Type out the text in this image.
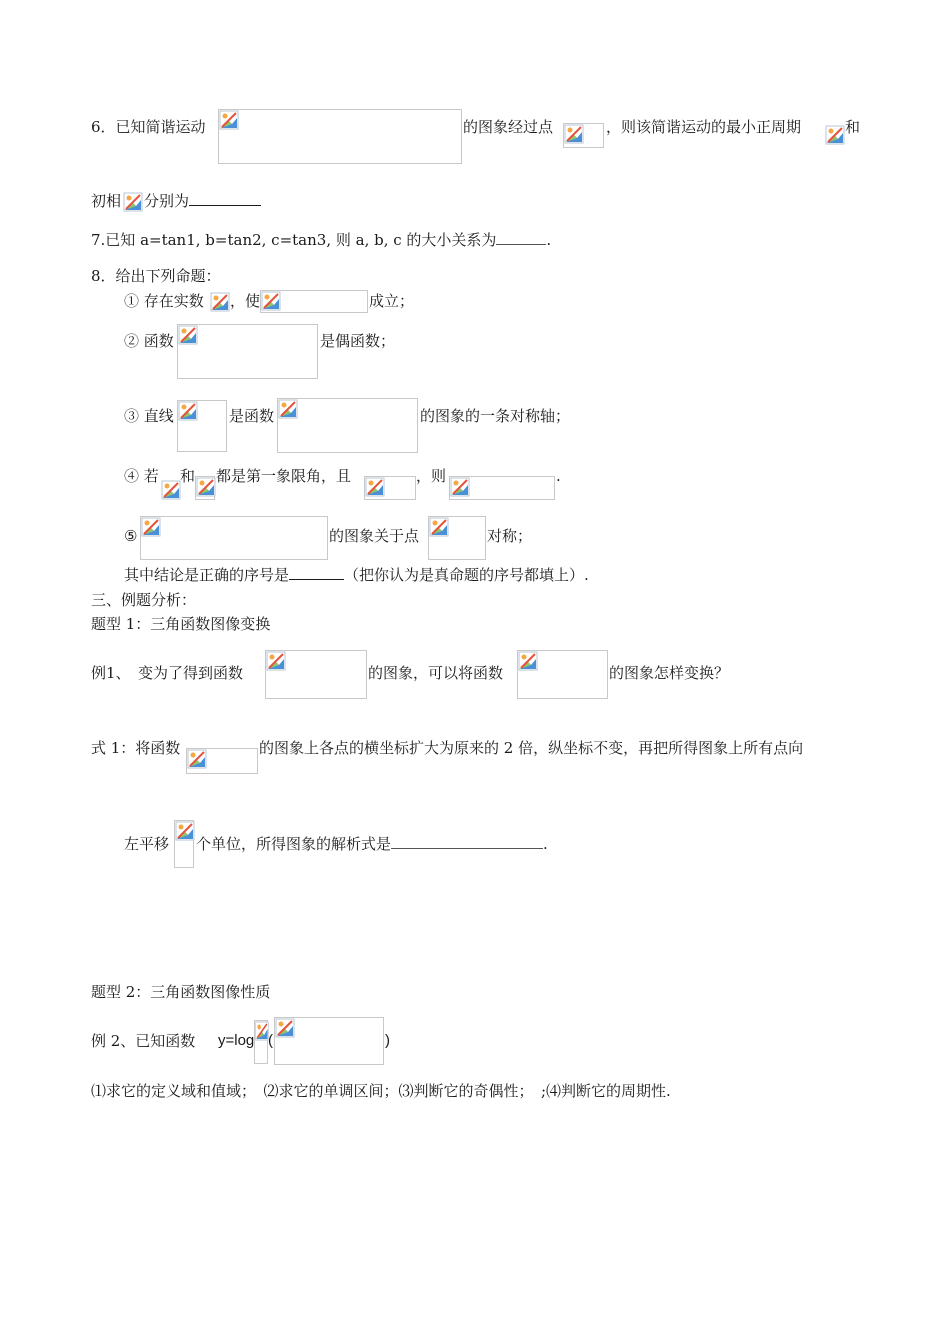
6．已知简谐运动	的图象经过点	，则该简谐运动的最小正周期	和
初相 分别为
7.已知 a=tan1, b=tan2, c=tan3, 则 a, b, c 的大小关系为	.
8．给出下列命题：
① 存在实数 ，使	成立；
② 函数	是偶函数；
③ 直线	是函数	的图象的一条对称轴；
④ 若 和 都是第一象限角，且	，则	.
⑤	的图象关于点	对称；
其中结论是正确的序号是	（把你认为是真命题的序号都填上）.
三、例题分析：
题型 1：三角函数图像变换
例1、　变为了得到函数	的图象，可以将函数	的图象怎样变换？
式 1：将函数	的图象上各点的横坐标扩大为原来的 2 倍，纵坐标不变，再把所得图象上所有点向
左平移 个单位，所得图象的解析式是	.
题型 2：三角函数图像性质
例 2、已知函数 y=log (	)
⑴求它的定义域和值域；　⑵求它的单调区间；⑶判断它的奇偶性；　;⑷判断它的周期性.
